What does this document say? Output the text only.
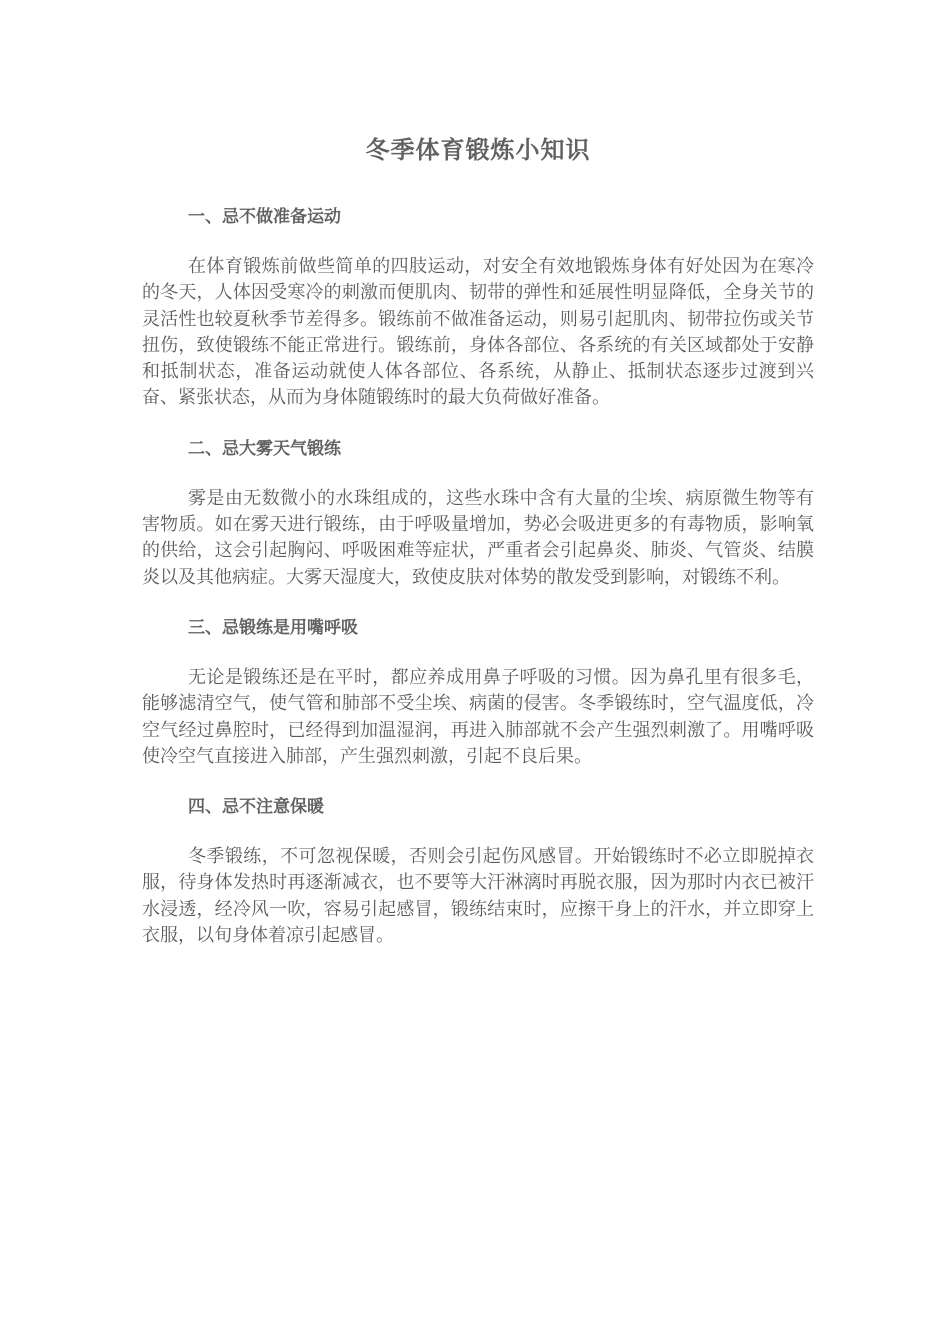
冬季体育锻炼小知识
一、忌不做准备运动

在体育锻炼前做些简单的四肢运动，对安全有效地锻炼身体有好处因为在寒冷的冬天，人体因受寒冷的刺激而便肌肉、韧带的弹性和延展性明显降低，全身关节的灵活性也较夏秋季节差得多。锻练前不做准备运动，则易引起肌肉、韧带拉伤或关节扭伤，致使锻练不能正常进行。锻练前，身体各部位、各系统的有关区域都处于安静和抵制状态，准备运动就使人体各部位、各系统，从静止、抵制状态逐步过渡到兴奋、紧张状态，从而为身体随锻练时的最大负荷做好准备。

二、忌大雾天气锻练

雾是由无数微小的水珠组成的，这些水珠中含有大量的尘埃、病原微生物等有害物质。如在雾天进行锻练，由于呼吸量增加，势必会吸进更多的有毒物质，影响氧的供给，这会引起胸闷、呼吸困难等症状，严重者会引起鼻炎、肺炎、气管炎、结膜炎以及其他病症。大雾天湿度大，致使皮肤对体势的散发受到影响，对锻练不利。

三、忌锻练是用嘴呼吸

无论是锻练还是在平时，都应养成用鼻子呼吸的习惯。因为鼻孔里有很多毛，能够滤清空气，使气管和肺部不受尘埃、病菌的侵害。冬季锻练时，空气温度低，冷空气经过鼻腔时，已经得到加温湿润，再进入肺部就不会产生强烈刺激了。用嘴呼吸使冷空气直接进入肺部，产生强烈刺激，引起不良后果。

四、忌不注意保暖

冬季锻练，不可忽视保暖，否则会引起伤风感冒。开始锻练时不必立即脱掉衣服，待身体发热时再逐渐减衣，也不要等大汗淋漓时再脱衣服，因为那时内衣已被汗水浸透，经冷风一吹，容易引起感冒，锻练结束时，应擦干身上的汗水，并立即穿上衣服，以旬身体着凉引起感冒。
